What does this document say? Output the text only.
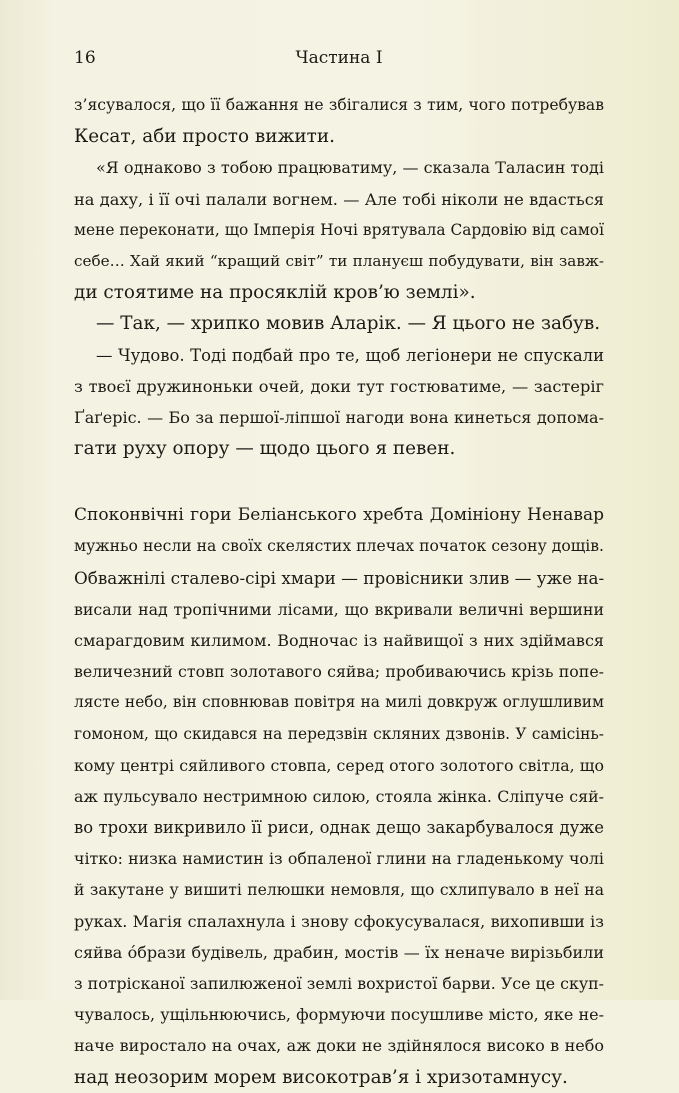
16	Частина I

з’ясувалося, що її бажання не збігалися з тим, чого потребував
Кесат, аби просто вижити.

«Я однаково з тобою працюватиму, — сказала Таласин тоді
на даху, і її очі палали вогнем. — Але тобі ніколи не вдасться
мене переконати, що Імперія Ночі врятувала Сардовію від самої
себе… Хай який “кращий світ” ти плануєш побудувати, він завж-
ди стоятиме на просяклій кров’ю землі».

— Так, — хрипко мовив Аларік. — Я цього не забув.

— Чудово. Тоді подбай про те, щоб легіонери не спускали
з твоєї дружиноньки очей, доки тут гостюватиме, — застеріг
Ґаґеріс. — Бо за першої-ліпшої нагоди вона кинеться допома-
гати руху опору — щодо цього я певен.

Споконвічні гори Беліанського хребта Домініону Ненавар
мужньо несли на своїх скелястих плечах початок сезону дощів.
Обважнілі сталево-сірі хмари — провісники злив — уже на-
висали над тропічними лісами, що вкривали величні вершини
смарагдовим килимом. Водночас із найвищої з них здіймався
величезний стовп золотавого сяйва; пробиваючись крізь попе-
лясте небо, він сповнював повітря на милі довкруж оглушливим
гомоном, що скидався на передзвін скляних дзвонів. У самісінь-
кому центрі сяйливого стовпа, серед отого золотого світла, що
аж пульсувало нестримною силою, стояла жінка. Сліпуче сяй-
во трохи викривило її риси, однак дещо закарбувалося дуже
чітко: низка намистин із обпаленої глини на гладенькому чолі
й закутане у вишиті пелюшки немовля, що схлипувало в неї на
руках. Магія спалахнула і знову сфокусувалася, вихопивши із
сяйва óбрази будівель, драбин, мостів — їх неначе вирізьбили
з потрісканої запилюженої землі вохристої барви. Усе це скуп-
чувалось, ущільнюючись, формуючи посушливе місто, яке не-
наче виростало на очах, аж доки не здійнялося високо в небо
над неозорим морем високотрав’я і хризотамнусу.
